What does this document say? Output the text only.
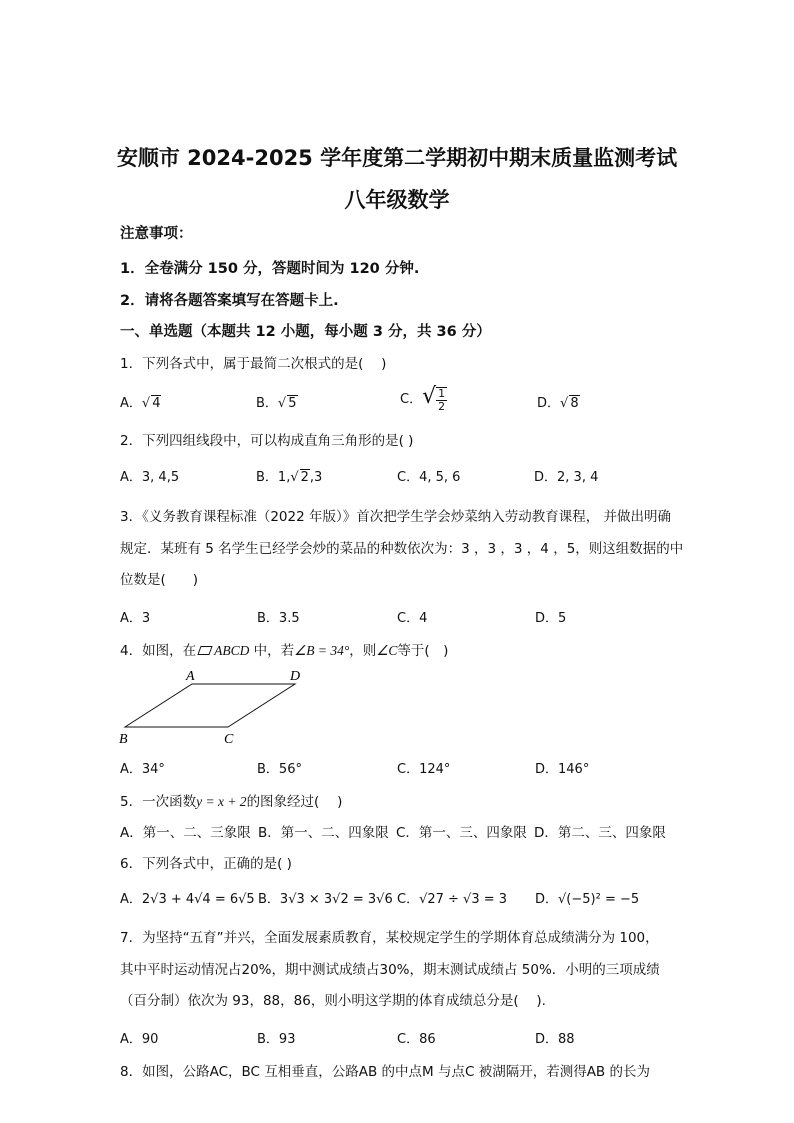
安顺市 2024-2025 学年度第二学期初中期末质量监测考试
八年级数学
注意事项：
1．全卷满分 150 分，答题时间为 120 分钟.
2．请将各题答案填写在答题卡上.
一、单选题（本题共 12 小题，每小题 3 分，共 36 分）
1．下列各式中，属于最简二次根式的是(　 )
A．√ 4	B．√ 5	C．√ $\frac{1}{2}$	D．√ 8
2．下列四组线段中，可以构成直角三角形的是( )
A．3, 4,5	B．1,√ 2,3	C．4, 5, 6	D．2, 3, 4
3．《义务教育课程标准（2022 年版）》首次把学生学会炒菜纳入劳动教育课程， 并做出明确
规定．某班有 5 名学生已经学会炒的菜品的种数依次为：3 ，3 ，3 ，4 ，5，则这组数据的中
位数是(　　)
A．3	B．3.5	C．4	D．5
4．如图，在 ABCD 中，若∠B = 34°，则∠C等于(　)
A	D
B	C
A．34°	B．56°	C．124°	D．146°
5．一次函数y = x + 2的图象经过(　 )
A．第一、二、三象限 B．第一、二、四象限 C．第一、三、四象限 D．第二、三、四象限
6．下列各式中，正确的是( )
A．2√3 + 4√4 = 6√5 B．3√3 × 3√2 = 3√6 C．√27 ÷ √3 = 3 D．√(−5)² = −5
7．为坚持“五育”并兴，全面发展素质教育，某校规定学生的学期体育总成绩满分为 100，
其中平时运动情况占20%，期中测试成绩占30%，期末测试成绩占 50%．小明的三项成绩
（百分制）依次为 93，88，86，则小明这学期的体育成绩总分是(　 ).
A．90	B．93	C．86	D．88
8．如图，公路AC，BC 互相垂直，公路AB 的中点M 与点C 被湖隔开，若测得AB 的长为
